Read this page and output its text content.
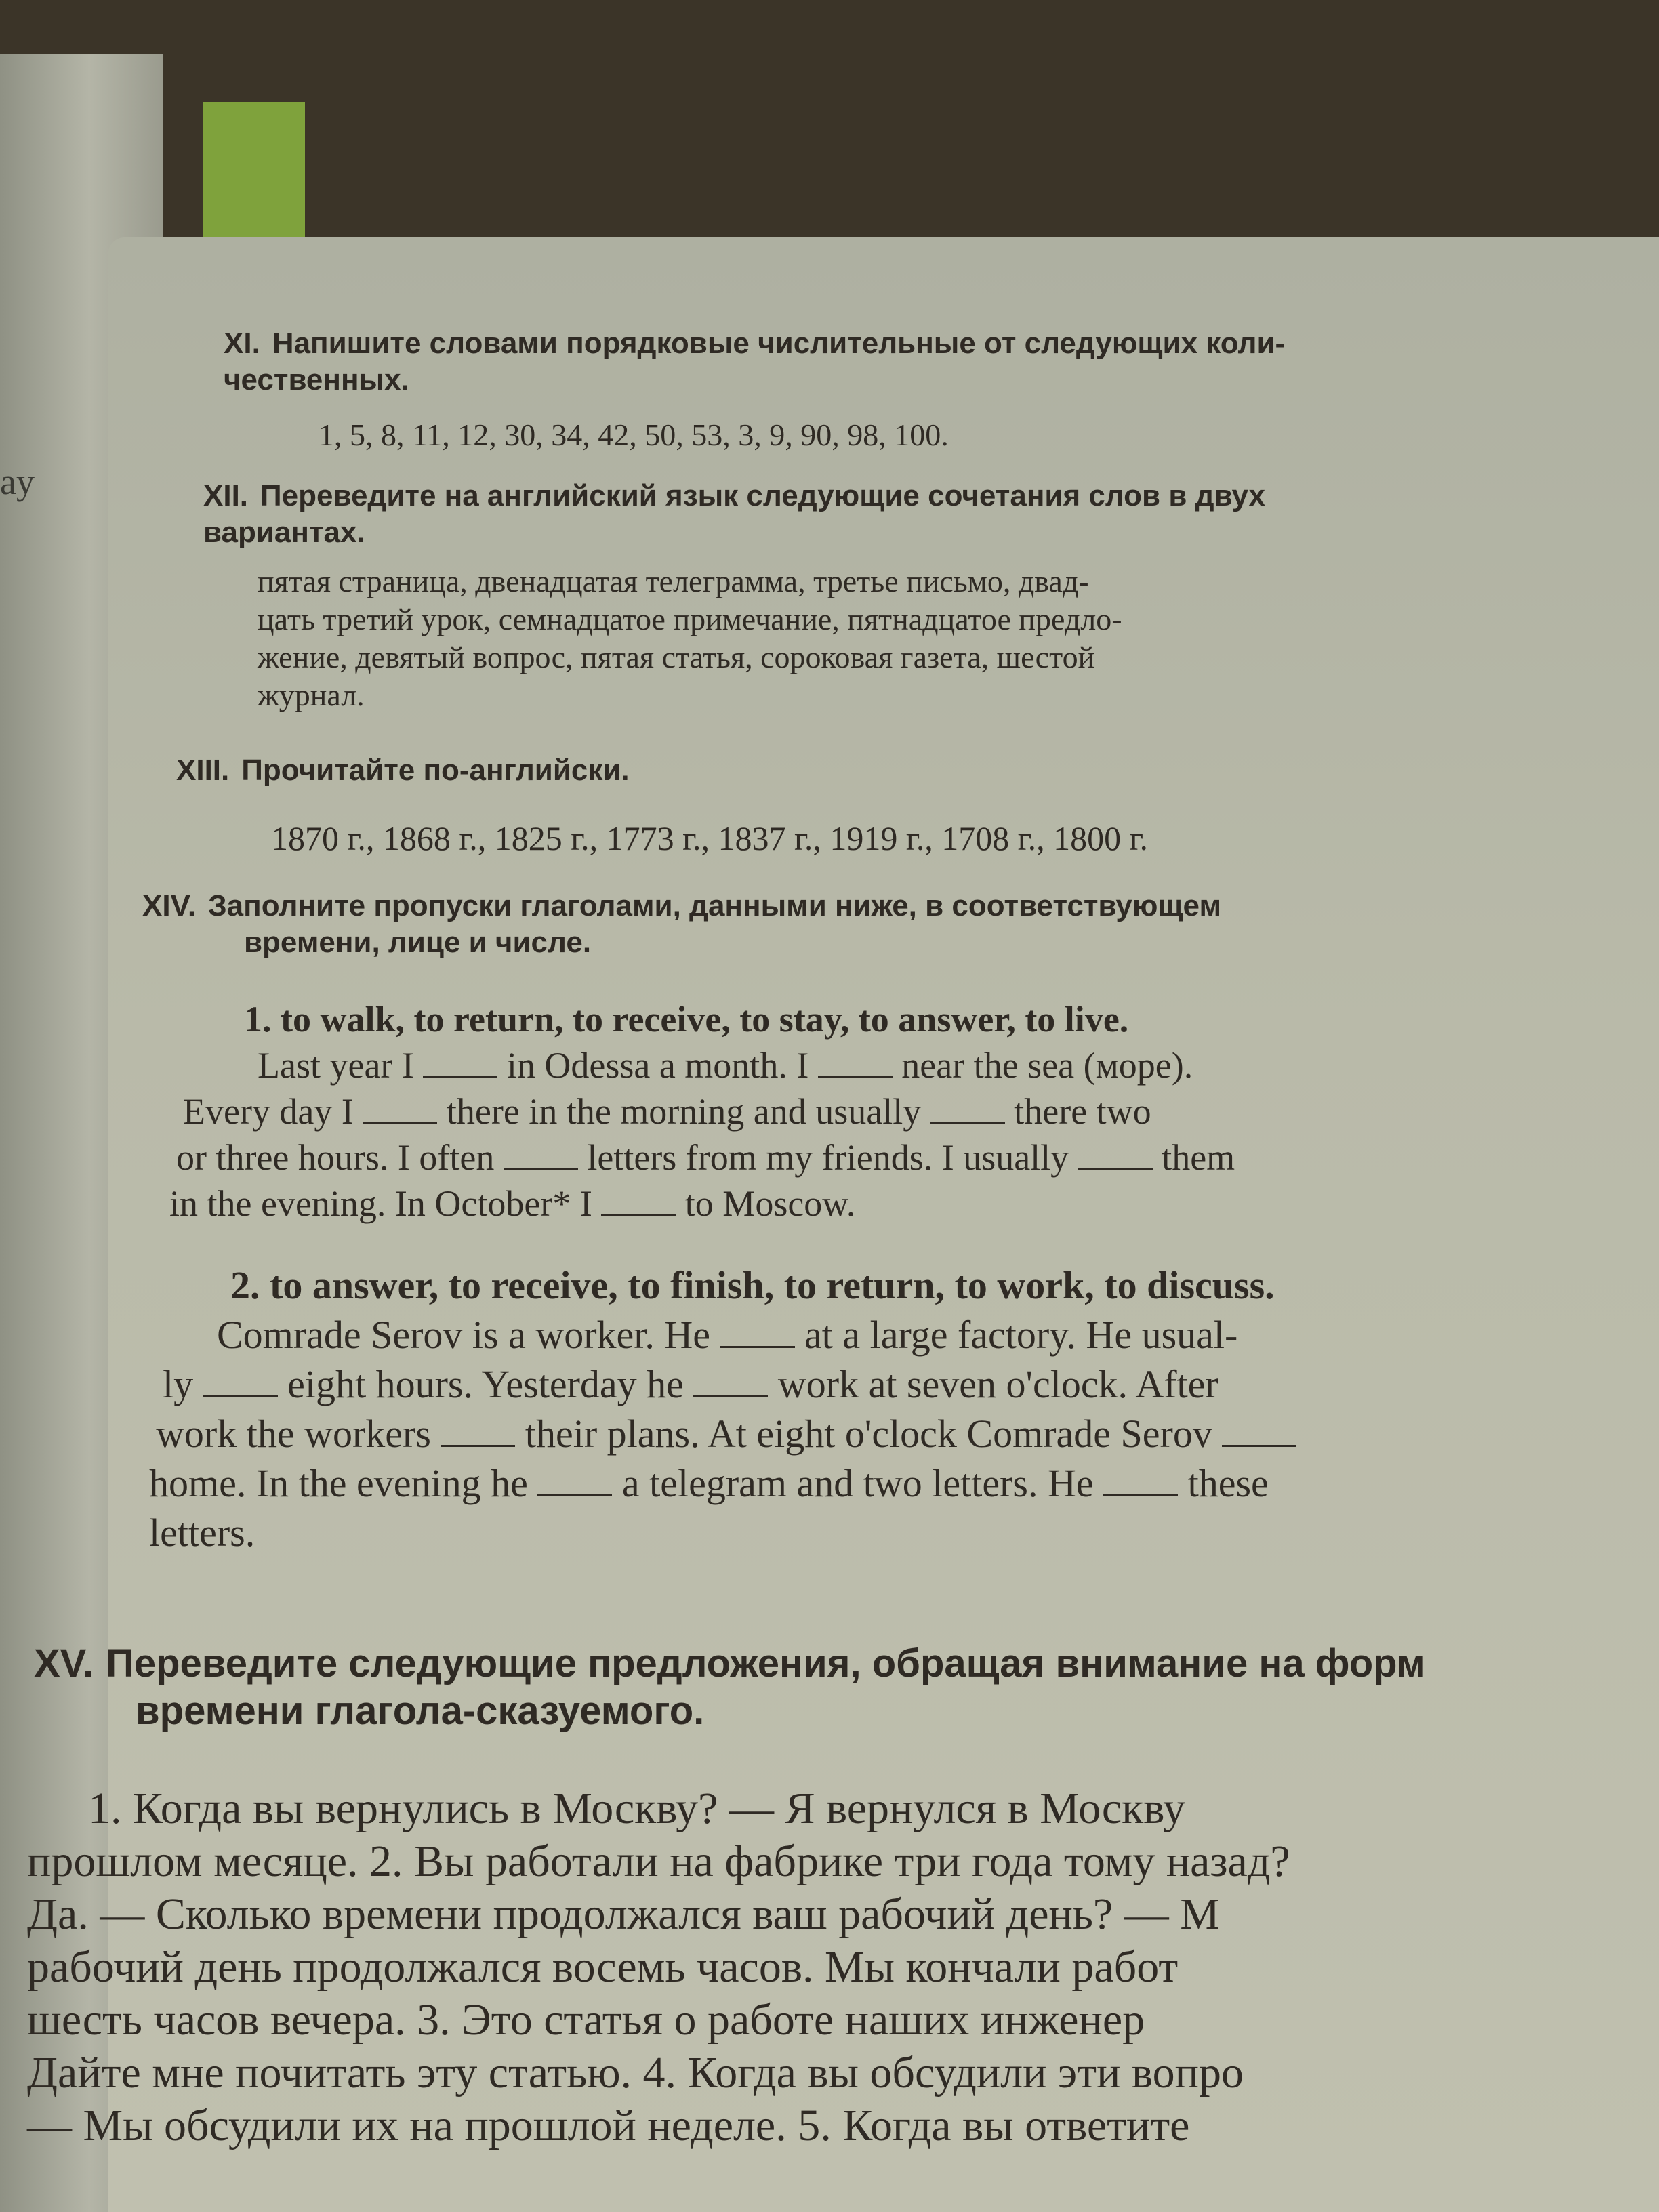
ay
XI. Напишите словами порядковые числительные от следующих коли-
чественных.

1, 5, 8, 11, 12, 30, 34, 42, 50, 53, 3, 9, 90, 98, 100.

XII. Переведите на английский язык следующие сочетания слов в двух
вариантах.
пятая страница, двенадцатая телеграмма, третье письмо, двад-
цать третий урок, семнадцатое примечание, пятнадцатое предло-
жение, девятый вопрос, пятая статья, сороковая газета, шестой
журнал.
XIII. Прочитайте по-английски.

1870 г., 1868 г., 1825 г., 1773 г., 1837 г., 1919 г., 1708 г., 1800 г.

XIV. Заполните пропуски глаголами, данными ниже, в соответствующем
времени, лице и числе.
1. to walk, to return, to receive, to stay, to answer, to live.
Last year I	in Odessa a month. I	near the sea (море).
Every day I	there in the morning and usually	there two
or three hours. I often	letters from my friends. I usually	them
in the evening. In October* I	to Moscow.
2. to answer, to receive, to finish, to return, to work, to discuss.
Comrade Serov is a worker. He at a large factory. He usual-
ly eight hours. Yesterday he work at seven o'clock. After
work the workers their plans. At eight o'clock Comrade Serov
home. In the evening he a telegram and two letters. He these
letters.
XV. Переведите следующие предложения, обращая внимание на форм
времени глагола-сказуемого.
1. Когда вы вернулись в Москву? — Я вернулся в Москву
прошлом месяце. 2. Вы работали на фабрике три года тому назад?
Да. — Сколько времени продолжался ваш рабочий день? — М
рабочий день продолжался восемь часов. Мы кончали работ
шесть часов вечера. 3. Это статья о работе наших инженер
Дайте мне почитать эту статью. 4. Когда вы обсудили эти вопро
— Мы обсудили их на прошлой неделе. 5. Когда вы ответите
